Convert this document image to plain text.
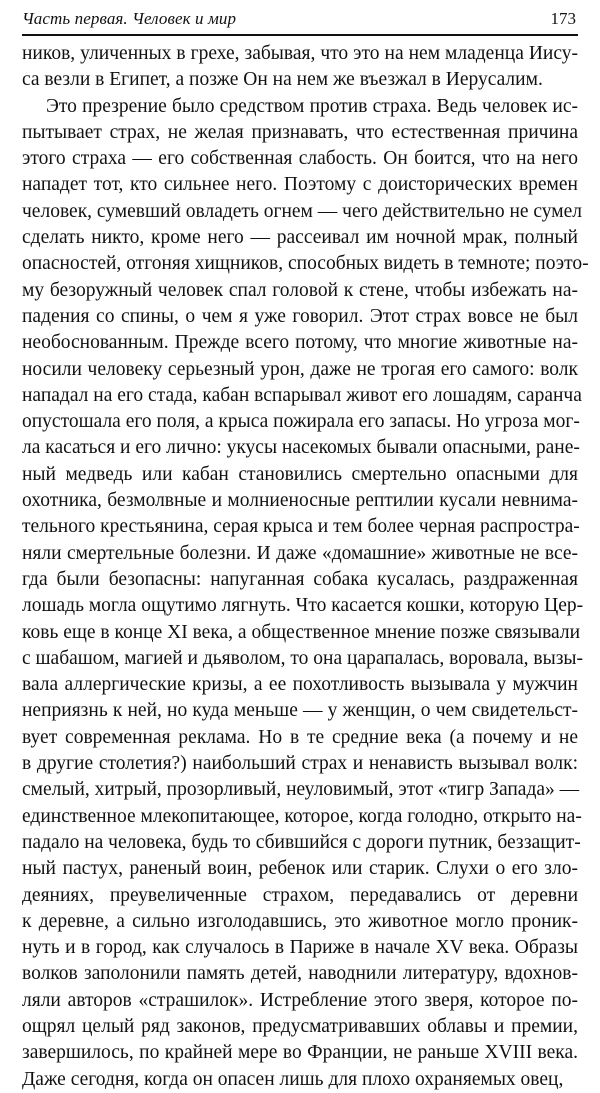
Часть первая. Человек и мир	173
ников, уличенных в грехе, забывая, что это на нем младенца Иису-
са везли в Египет, а позже Он на нем же въезжал в Иерусалим.
Это презрение было средством против страха. Ведь человек ис-
пытывает страх, не желая признавать, что естественная причина
этого страха — его собственная слабость. Он боится, что на него
нападет тот, кто сильнее него. Поэтому с доисторических времен
человек, сумевший овладеть огнем — чего действительно не сумел
сделать никто, кроме него — рассеивал им ночной мрак, полный
опасностей, отгоняя хищников, способных видеть в темноте; поэто-
му безоружный человек спал головой к стене, чтобы избежать на-
падения со спины, о чем я уже говорил. Этот страх вовсе не был
необоснованным. Прежде всего потому, что многие животные на-
носили человеку серьезный урон, даже не трогая его самого: волк
нападал на его стада, кабан вспарывал живот его лошадям, саранча
опустошала его поля, а крыса пожирала его запасы. Но угроза мог-
ла касаться и его лично: укусы насекомых бывали опасными, ране-
ный медведь или кабан становились смертельно опасными для
охотника, безмолвные и молниеносные рептилии кусали невнима-
тельного крестьянина, серая крыса и тем более черная распростра-
няли смертельные болезни. И даже «домашние» животные не все-
гда были безопасны: напуганная собака кусалась, раздраженная
лошадь могла ощутимо лягнуть. Что касается кошки, которую Цер-
ковь еще в конце XI века, а общественное мнение позже связывали
с шабашом, магией и дьяволом, то она царапалась, воровала, вызы-
вала аллергические кризы, а ее похотливость вызывала у мужчин
неприязнь к ней, но куда меньше — у женщин, о чем свидетельст-
вует современная реклама. Но в те средние века (а почему и не
в другие столетия?) наибольший страх и ненависть вызывал волк:
смелый, хитрый, прозорливый, неуловимый, этот «тигр Запада» —
единственное млекопитающее, которое, когда голодно, открыто на-
падало на человека, будь то сбившийся с дороги путник, беззащит-
ный пастух, раненый воин, ребенок или старик. Слухи о его зло-
деяниях, преувеличенные страхом, передавались от деревни
к деревне, а сильно изголодавшись, это животное могло проник-
нуть и в город, как случалось в Париже в начале XV века. Образы
волков заполонили память детей, наводнили литературу, вдохнов-
ляли авторов «страшилок». Истребление этого зверя, которое по-
ощрял целый ряд законов, предусматривавших облавы и премии,
завершилось, по крайней мере во Франции, не раньше XVIII века.
Даже сегодня, когда он опасен лишь для плохо охраняемых овец,
